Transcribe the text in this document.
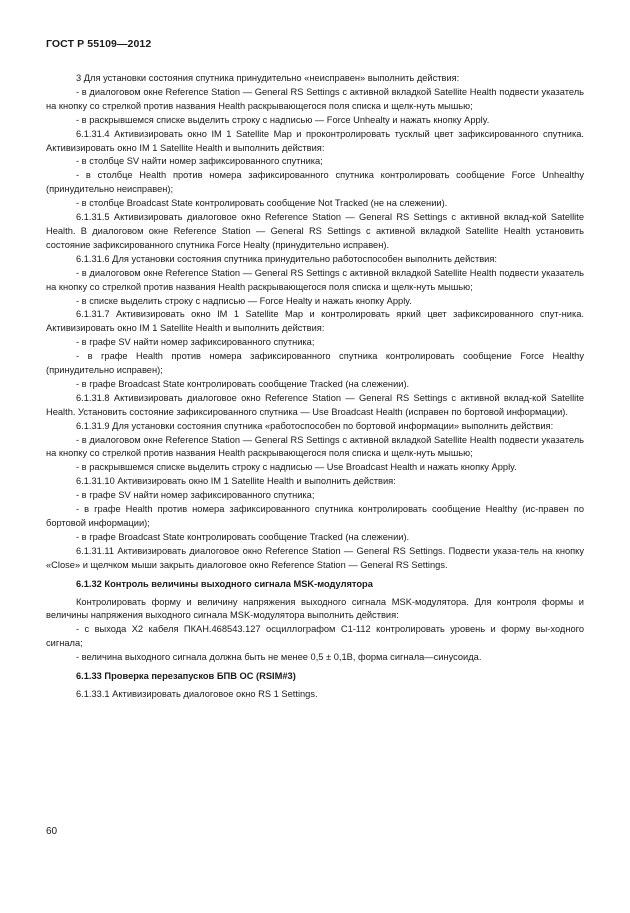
ГОСТ Р 55109—2012

3 Для установки состояния спутника принудительно «неисправен» выполнить действия:

- в диалоговом окне Reference Station — General RS Settings с активной вкладкой Satellite Health подвести указатель на кнопку со стрелкой против названия Health раскрывающегося поля списка и щелк-нуть мышью;

- в раскрывшемся списке выделить строку с надписью — Force Unhealty и нажать кнопку Apply.

6.1.31.4 Активизировать окно IM 1 Satellite Map и проконтролировать тусклый цвет зафиксированного спутника. Активизировать окно IM 1 Satellite Health и выполнить действия:

- в столбце SV найти номер зафиксированного спутника;

- в столбце Health против номера зафиксированного спутника контролировать сообщение Force Unhealthy (принудительно неисправен);

- в столбце Broadcast State контролировать сообщение Not Tracked (не на слежении).

6.1.31.5 Активизировать диалоговое окно Reference Station — General RS Settings с активной вклад-кой Satellite Health. В диалоговом окне Reference Station — General RS Settings с активной вкладкой Satellite Health установить состояние зафиксированного спутника Force Healty (принудительно исправен).

6.1.31.6 Для установки состояния спутника принудительно работоспособен выполнить действия:

- в диалоговом окне Reference Station — General RS Settings с активной вкладкой Satellite Health подвести указатель на кнопку со стрелкой против названия Health раскрывающегося поля списка и щелк-нуть мышью;

- в списке выделить строку с надписью — Force Healty и нажать кнопку Apply.

6.1.31.7 Активизировать окно IM 1 Satellite Map и контролировать яркий цвет зафиксированного спут-ника. Активизировать окно IM 1 Satellite Health и выполнить действия:

- в графе SV найти номер зафиксированного спутника;

- в графе Health против номера зафиксированного спутника контролировать сообщение Force Healthy (принудительно исправен);

- в графе Broadcast State контролировать сообщение Tracked (на слежении).

6.1.31.8 Активизировать диалоговое окно Reference Station — General RS Settings с активной вклад-кой Satellite Health. Установить состояние зафиксированного спутника — Use Broadcast Health (исправен по бортовой информации).

6.1.31.9 Для установки состояния спутника «работоспособен по бортовой информации» выполнить действия:

- в диалоговом окне Reference Station — General RS Settings с активной вкладкой Satellite Health подвести указатель на кнопку со стрелкой против названия Health раскрывающегося поля списка и щелк-нуть мышью;

- в раскрывшемся списке выделить строку с надписью — Use Broadcast Health и нажать кнопку Apply.

6.1.31.10 Активизировать окно IM 1 Satellite Health и выполнить действия:

- в графе SV найти номер зафиксированного спутника;

- в графе Health против номера зафиксированного спутника контролировать сообщение Healthy (ис-правен по бортовой информации);

- в графе Broadcast State контролировать сообщение Tracked (на слежении).

6.1.31.11 Активизировать диалоговое окно Reference Station — General RS Settings. Подвести указа-тель на кнопку «Close» и щелчком мыши закрыть диалоговое окно Reference Station — General RS Settings.

6.1.32 Контроль величины выходного сигнала MSK-модулятора

Контролировать форму и величину напряжения выходного сигнала MSK-модулятора. Для контроля формы и величины напряжения выходного сигнала MSK-модулятора выполнить действия:

- с выхода Х2 кабеля ПКАН.468543.127 осциллографом С1-112 контролировать уровень и форму вы-ходного сигнала;

- величина выходного сигнала должна быть не менее 0,5 ± 0,1В, форма сигнала—синусоида.

6.1.33 Проверка перезапусков БПВ ОС (RSIM#3)

6.1.33.1 Активизировать диалоговое окно RS 1 Settings.

60
